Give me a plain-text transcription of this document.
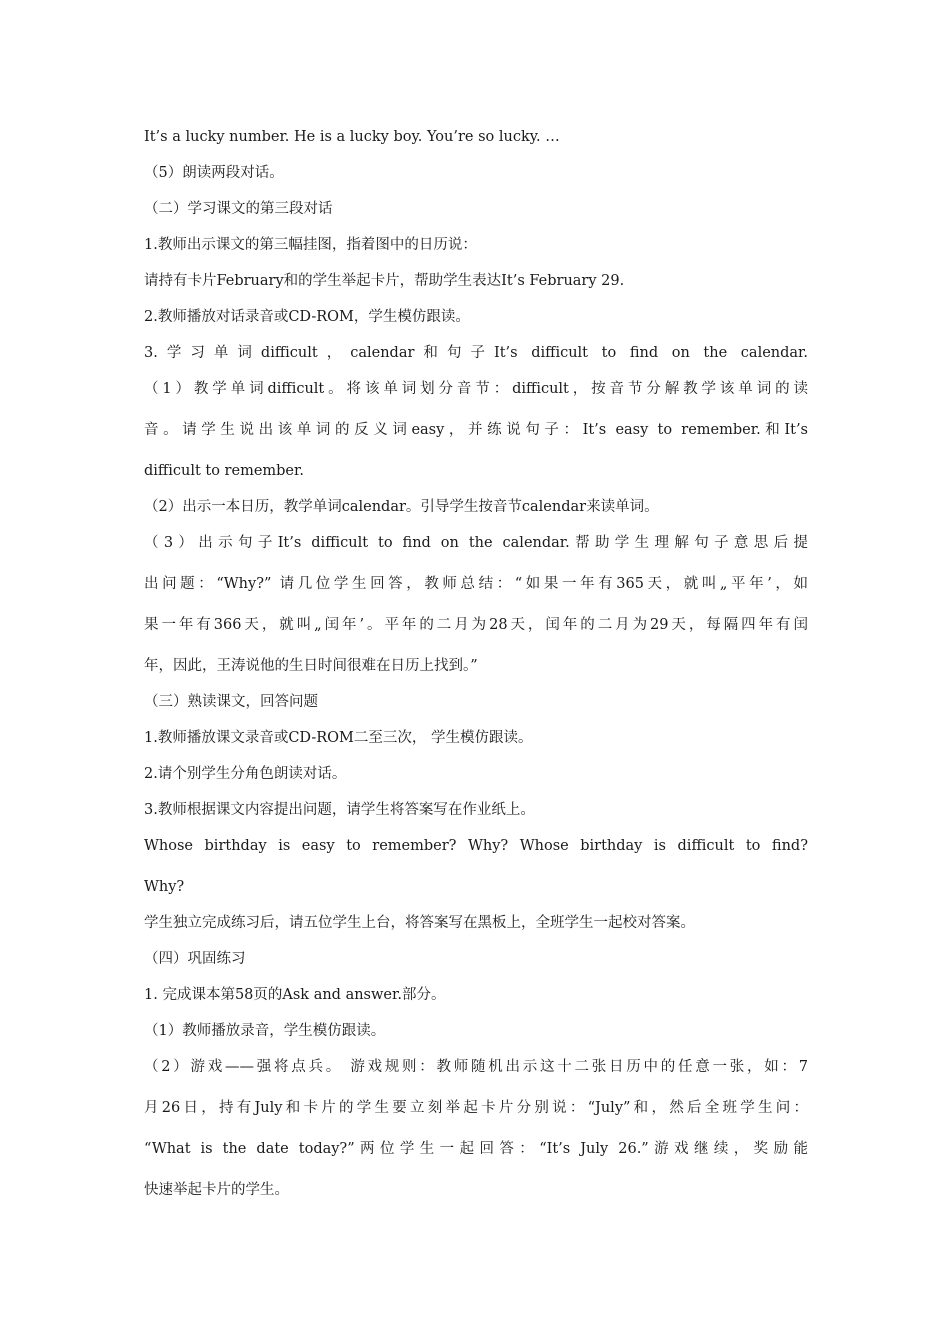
It’s a lucky number. He is a lucky boy. You’re so lucky. …
（5）朗读两段对话。
（二）学习课文的第三段对话
1.教师出示课文的第三幅挂图，指着图中的日历说：
请持有卡片February和的学生举起卡片，帮助学生表达It’s February 29.
2.教师播放对话录音或CD-ROM，学生模仿跟读。
3.学习单词difficult，calendar和句子It’s difficult to find on the calendar.
（1）教学单词difficult。将该单词划分音节：difficult，按音节分解教学该单词的读
音。请学生说出该单词的反义词easy，并练说句子：It’s easy to remember.和It’s
difficult to remember.
（2）出示一本日历，教学单词calendar。引导学生按音节calendar来读单词。
（3）出示句子It’s difficult to find on the calendar.帮助学生理解句子意思后提
出问题：“Why?” 请几位学生回答，教师总结：“如果一年有365天，就叫„平年’，如
果一年有366天，就叫„闰年’。平年的二月为28天，闰年的二月为29天，每隔四年有闰
年，因此，王涛说他的生日时间很难在日历上找到。”
（三）熟读课文，回答问题
1.教师播放课文录音或CD-ROM二至三次， 学生模仿跟读。
2.请个别学生分角色朗读对话。
3.教师根据课文内容提出问题，请学生将答案写在作业纸上。
Whose birthday is easy to remember? Why? Whose birthday is difficult to find?
Why?
学生独立完成练习后，请五位学生上台，将答案写在黑板上，全班学生一起校对答案。
（四）巩固练习
1. 完成课本第58页的Ask and answer.部分。
（1）教师播放录音，学生模仿跟读。
（2）游戏——强将点兵。 游戏规则：教师随机出示这十二张日历中的任意一张，如：7
月26日，持有July和卡片的学生要立刻举起卡片分别说：“July”和，然后全班学生问：
“What is the date today?”两位学生一起回答：“It’s July 26.”游戏继续，奖励能
快速举起卡片的学生。
